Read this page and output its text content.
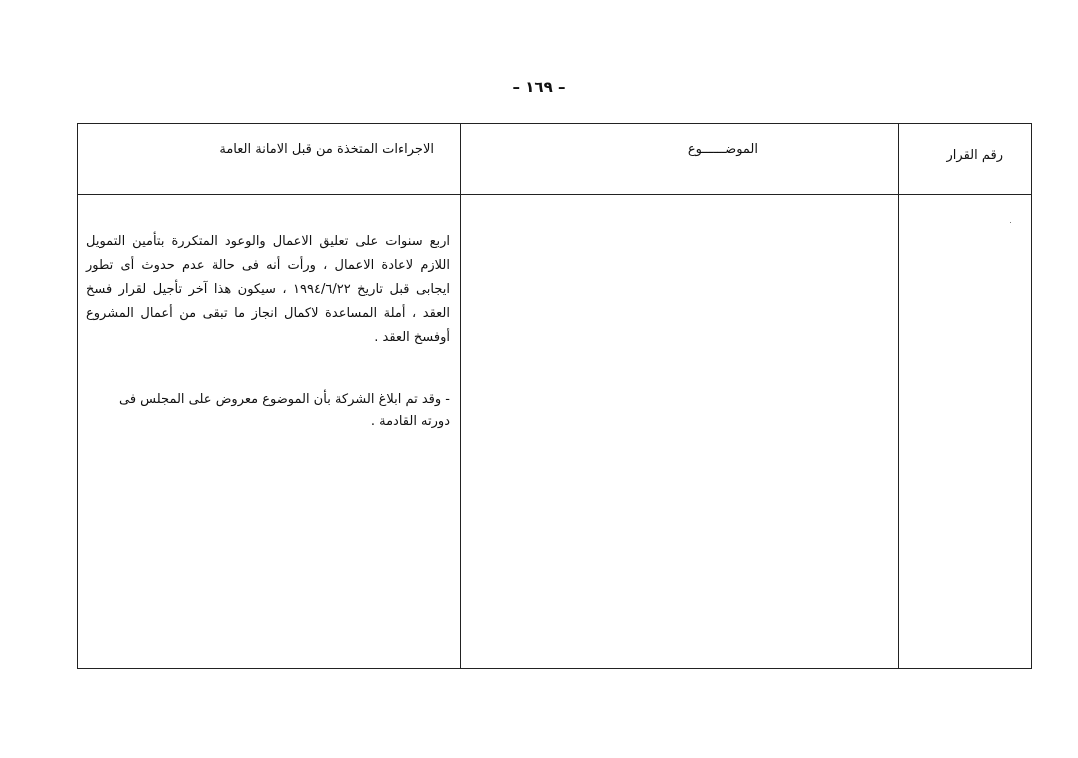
– ١٦٩ –
الاجراءات المتخذة من قبل الامانة العامة	الموضــــــوع	رقم القرار

اربع سنوات على تعليق الاعمال والوعود المتكررة بتأمين التمويل اللازم لاعادة الاعمال ، ورأت أنه فى حالة عدم حدوث أى تطور ايجابى قبل تاريخ ١٩٩٤/٦/٢٢ ، سيكون هذا آخر تأجيل لقرار فسخ العقد ، أملة المساعدة لاكمال انجاز ما تبقى من أعمال المشروع أوفسخ العقد .

- وقد تم ابلاغ الشركة بأن الموضوع معروض على المجلس فى دورته القادمة .
